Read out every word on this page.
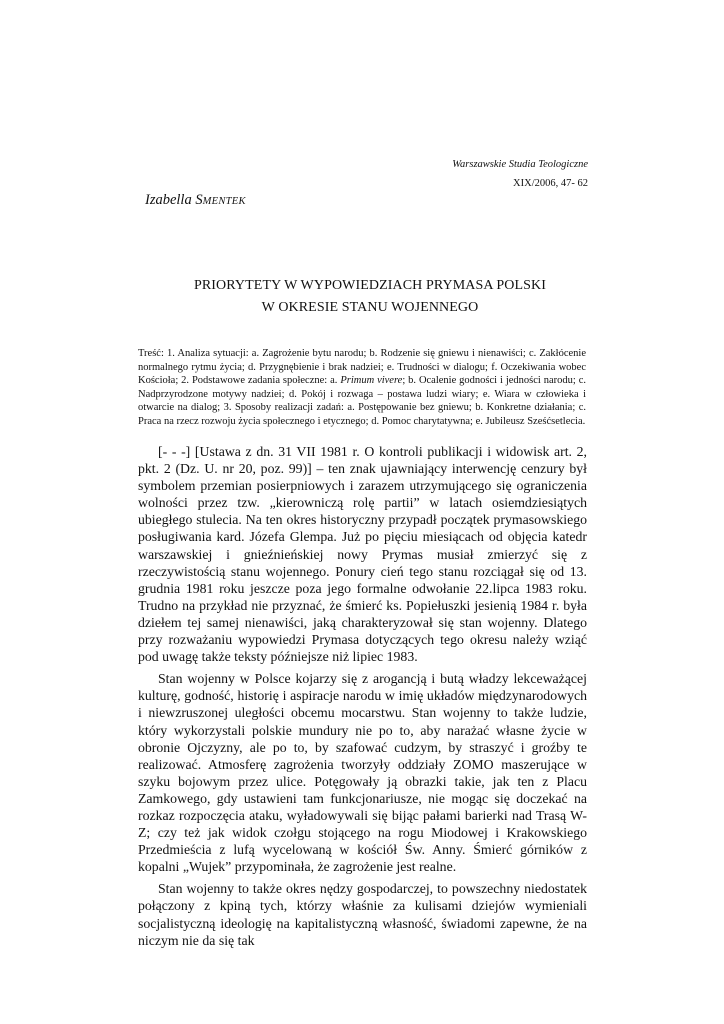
Warszawskie Studia Teologiczne
XIX/2006, 47- 62
Izabella SMENTEK
PRIORYTETY W WYPOWIEDZIACH PRYMASA POLSKI
W OKRESIE STANU WOJENNEGO
Treść: 1. Analiza sytuacji: a. Zagrożenie bytu narodu; b. Rodzenie się gniewu i nienawiści; c. Zakłócenie normalnego rytmu życia; d. Przygnębienie i brak nadziei; e. Trudności w dialogu; f. Oczekiwania wobec Kościoła; 2. Podstawowe zadania społeczne: a. Primum vivere; b. Ocalenie godności i jedności narodu; c. Nadprzyrodzone motywy nadziei; d. Pokój i rozwaga – postawa ludzi wiary; e. Wiara w człowieka i otwarcie na dialog; 3. Sposoby realizacji zadań: a. Postępowanie bez gniewu; b. Konkretne działania; c. Praca na rzecz rozwoju życia społecznego i etycznego; d. Pomoc charytatywna; e. Jubileusz Sześćsetlecia.

[- - -] [Ustawa z dn. 31 VII 1981 r. O kontroli publikacji i widowisk art. 2, pkt. 2 (Dz. U. nr 20, poz. 99)] – ten znak ujawniający interwencję cenzury był symbolem przemian posierpniowych i zarazem utrzymującego się ograniczenia wolności przez tzw. „kierowniczą rolę partii” w latach osiemdziesiątych ubiegłego stulecia. Na ten okres historyczny przypadł początek prymasowskiego posługiwania kard. Józefa Glempa. Już po pięciu miesiącach od objęcia katedr warszawskiej i gnieźnieńskiej nowy Prymas musiał zmierzyć się z rzeczywistością stanu wojennego. Ponury cień tego stanu rozciągał się od 13. grudnia 1981 roku jeszcze poza jego formalne odwołanie 22.lipca 1983 roku. Trudno na przykład nie przyznać, że śmierć ks. Popiełuszki jesienią 1984 r. była dziełem tej samej nienawiści, jaką charakteryzował się stan wojenny. Dlatego przy rozważaniu wypowiedzi Prymasa dotyczących tego okresu należy wziąć pod uwagę także teksty późniejsze niż lipiec 1983.

Stan wojenny w Polsce kojarzy się z arogancją i butą władzy lekceważącej kulturę, godność, historię i aspiracje narodu w imię układów międzynarodowych i niewzruszonej uległości obcemu mocarstwu. Stan wojenny to także ludzie, który wykorzystali polskie mundury nie po to, aby narażać własne życie w obronie Ojczyzny, ale po to, by szafować cudzym, by straszyć i groźby te realizować. Atmosferę zagrożenia tworzyły oddziały ZOMO maszerujące w szyku bojowym przez ulice. Potęgowały ją obrazki takie, jak ten z Placu Zamkowego, gdy ustawieni tam funkcjonariusze, nie mogąc się doczekać na rozkaz rozpoczęcia ataku, wyładowywali się bijąc pałami barierki nad Trasą W-Z; czy też jak widok czołgu stojącego na rogu Miodowej i Krakowskiego Przedmieścia z lufą wycelowaną w kościół Św. Anny. Śmierć górników z kopalni „Wujek” przypominała, że zagrożenie jest realne.

Stan wojenny to także okres nędzy gospodarczej, to powszechny niedostatek połączony z kpiną tych, którzy właśnie za kulisami dziejów wymieniali socjalistyczną ideologię na kapitalistyczną własność, świadomi zapewne, że na niczym nie da się tak
